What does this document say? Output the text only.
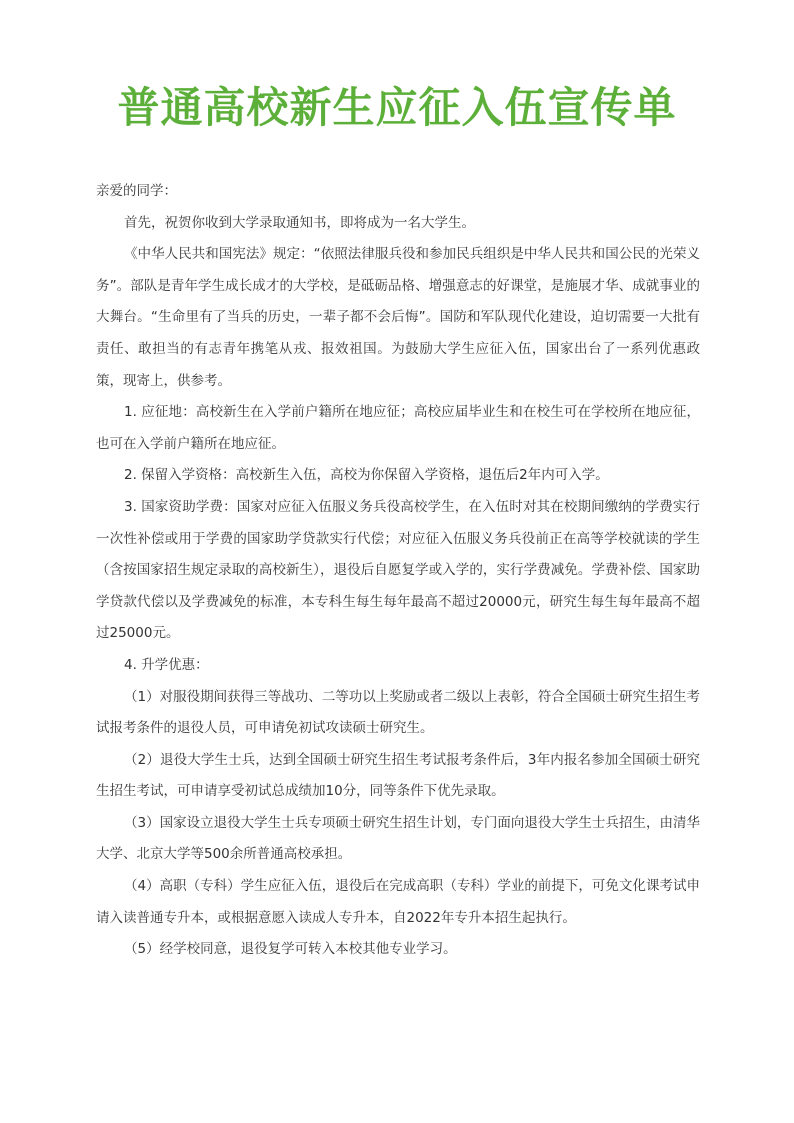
普通高校新生应征入伍宣传单

亲爱的同学：

首先，祝贺你收到大学录取通知书，即将成为一名大学生。

《中华人民共和国宪法》规定：“依照法律服兵役和参加民兵组织是中华人民共和国公民的光荣义务”。部队是青年学生成长成才的大学校，是砥砺品格、增强意志的好课堂，是施展才华、成就事业的大舞台。“生命里有了当兵的历史，一辈子都不会后悔”。国防和军队现代化建设，迫切需要一大批有责任、敢担当的有志青年携笔从戎、报效祖国。为鼓励大学生应征入伍，国家出台了一系列优惠政策，现寄上，供参考。

1. 应征地：高校新生在入学前户籍所在地应征；高校应届毕业生和在校生可在学校所在地应征，也可在入学前户籍所在地应征。

2. 保留入学资格：高校新生入伍，高校为你保留入学资格，退伍后2年内可入学。

3. 国家资助学费：国家对应征入伍服义务兵役高校学生，在入伍时对其在校期间缴纳的学费实行一次性补偿或用于学费的国家助学贷款实行代偿；对应征入伍服义务兵役前正在高等学校就读的学生（含按国家招生规定录取的高校新生），退役后自愿复学或入学的，实行学费减免。学费补偿、国家助学贷款代偿以及学费减免的标准，本专科生每生每年最高不超过20000元，研究生每生每年最高不超过25000元。

4. 升学优惠：

（1）对服役期间获得三等战功、二等功以上奖励或者二级以上表彰，符合全国硕士研究生招生考试报考条件的退役人员，可申请免初试攻读硕士研究生。

（2）退役大学生士兵，达到全国硕士研究生招生考试报考条件后，3年内报名参加全国硕士研究生招生考试，可申请享受初试总成绩加10分，同等条件下优先录取。

（3）国家设立退役大学生士兵专项硕士研究生招生计划，专门面向退役大学生士兵招生，由清华大学、北京大学等500余所普通高校承担。

（4）高职（专科）学生应征入伍，退役后在完成高职（专科）学业的前提下，可免文化课考试申请入读普通专升本，或根据意愿入读成人专升本，自2022年专升本招生起执行。

（5）经学校同意，退役复学可转入本校其他专业学习。
